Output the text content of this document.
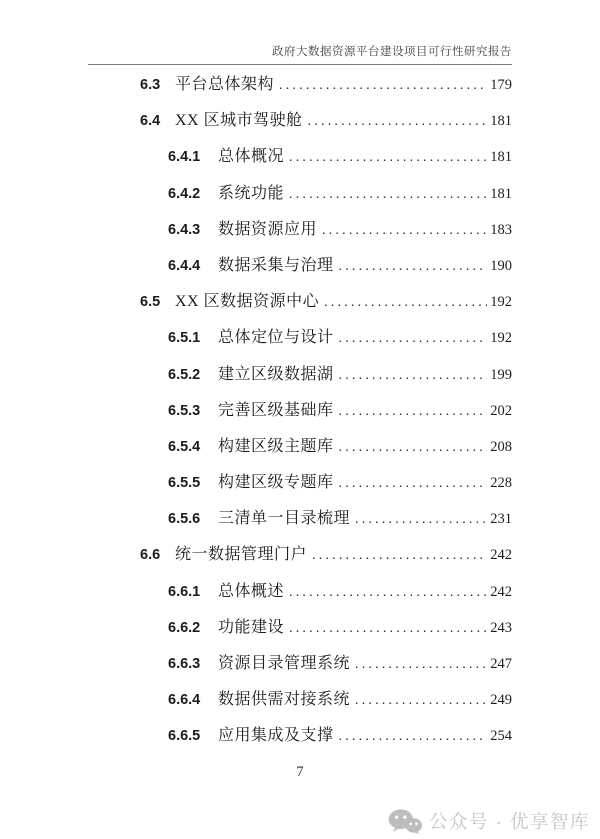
政府大数据资源平台建设项目可行性研究报告
6.3 平台总体架构 .....	179
6.4 XX 区城市驾驶舱 .....	181
6.4.1	总体概况 .....	181
6.4.2	系统功能 .....	181
6.4.3	数据资源应用 .....	183
6.4.4	数据采集与治理 .....	190
6.5 XX 区数据资源中心 .....	192
6.5.1	总体定位与设计 .....	192
6.5.2	建立区级数据湖 .....	199
6.5.3	完善区级基础库 .....	202
6.5.4	构建区级主题库 .....	208
6.5.5	构建区级专题库 .....	228
6.5.6	三清单一目录梳理 .....	231
6.6 统一数据管理门户 .....	242
6.6.1	总体概述 .....	242
6.6.2	功能建设 .....	243
6.6.3	资源目录管理系统 .....	247
6.6.4	数据供需对接系统 .....	249
6.6.5	应用集成及支撑 .....	254
7
公众号 · 优享智库
